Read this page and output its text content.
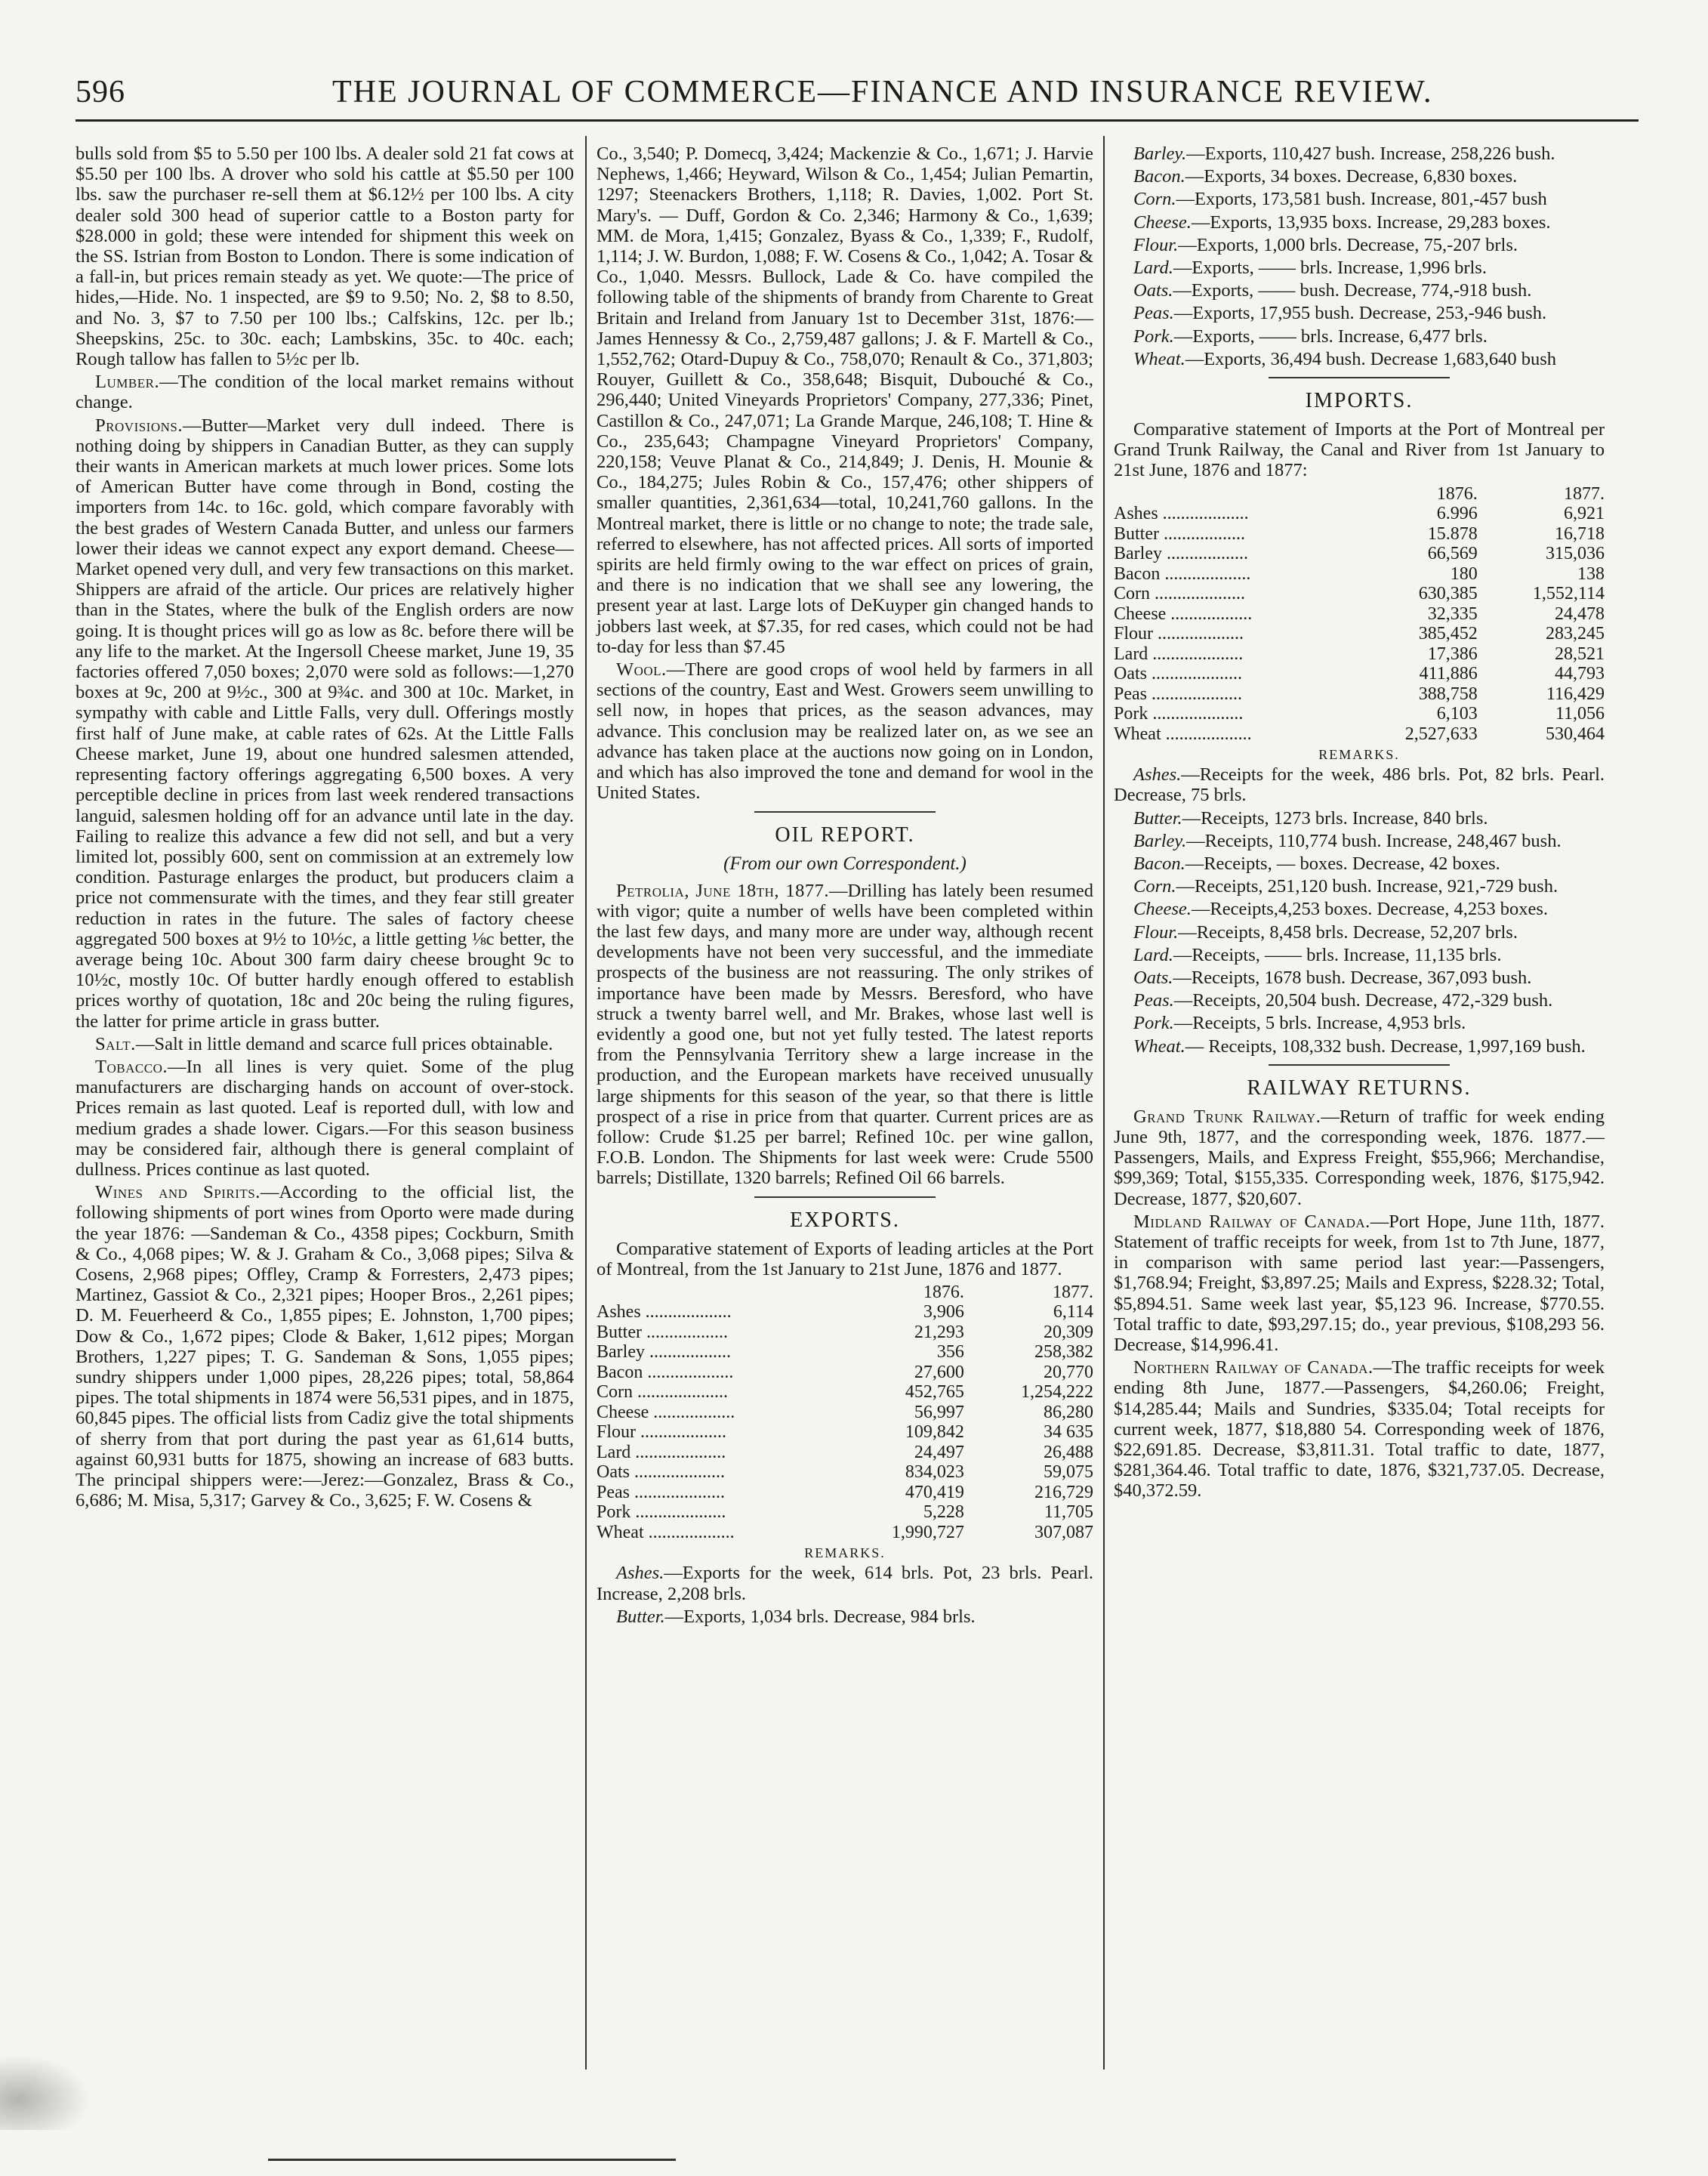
596	THE JOURNAL OF COMMERCE—FINANCE AND INSURANCE REVIEW.

bulls sold from $5 to 5.50 per 100 lbs. A dealer sold 21 fat cows at $5.50 per 100 lbs. A drover who sold his cattle at $5.50 per 100 lbs. saw the purchaser re-sell them at $6.12½ per 100 lbs. A city dealer sold 300 head of superior cattle to a Boston party for $28.000 in gold; these were intended for shipment this week on the SS. Istrian from Boston to London. There is some indication of a fall-in, but prices remain steady as yet. We quote:—The price of hides,—Hide. No. 1 inspected, are $9 to 9.50; No. 2, $8 to 8.50, and No. 3, $7 to 7.50 per 100 lbs.; Calfskins, 12c. per lb.; Sheepskins, 25c. to 30c. each; Lambskins, 35c. to 40c. each; Rough tallow has fallen to 5½c per lb.

Lumber.—The condition of the local market remains without change.

Provisions.—Butter—Market very dull indeed. There is nothing doing by shippers in Canadian Butter, as they can supply their wants in American markets at much lower prices. Some lots of American Butter have come through in Bond, costing the importers from 14c. to 16c. gold, which compare favorably with the best grades of Western Canada Butter, and unless our farmers lower their ideas we cannot expect any export demand. Cheese—Market opened very dull, and very few transactions on this market. Shippers are afraid of the article. Our prices are relatively higher than in the States, where the bulk of the English orders are now going. It is thought prices will go as low as 8c. before there will be any life to the market. At the Ingersoll Cheese market, June 19, 35 factories offered 7,050 boxes; 2,070 were sold as follows:—1,270 boxes at 9c, 200 at 9½c., 300 at 9¾c. and 300 at 10c. Market, in sympathy with cable and Little Falls, very dull. Offerings mostly first half of June make, at cable rates of 62s. At the Little Falls Cheese market, June 19, about one hundred salesmen attended, representing factory offerings aggregating 6,500 boxes. A very perceptible decline in prices from last week rendered transactions languid, salesmen holding off for an advance until late in the day. Failing to realize this advance a few did not sell, and but a very limited lot, possibly 600, sent on commission at an extremely low condition. Pasturage enlarges the product, but producers claim a price not commensurate with the times, and they fear still greater reduction in rates in the future. The sales of factory cheese aggregated 500 boxes at 9½ to 10½c, a little getting ⅛c better, the average being 10c. About 300 farm dairy cheese brought 9c to 10½c, mostly 10c. Of butter hardly enough offered to establish prices worthy of quotation, 18c and 20c being the ruling figures, the latter for prime article in grass butter.

Salt.—Salt in little demand and scarce full prices obtainable.

Tobacco.—In all lines is very quiet. Some of the plug manufacturers are discharging hands on account of over-stock. Prices remain as last quoted. Leaf is reported dull, with low and medium grades a shade lower. Cigars.—For this season business may be considered fair, although there is general complaint of dullness. Prices continue as last quoted.

Wines and Spirits.—According to the official list, the following shipments of port wines from Oporto were made during the year 1876: —Sandeman & Co., 4358 pipes; Cockburn, Smith & Co., 4,068 pipes; W. & J. Graham & Co., 3,068 pipes; Silva & Cosens, 2,968 pipes; Offley, Cramp & Forresters, 2,473 pipes; Martinez, Gassiot & Co., 2,321 pipes; Hooper Bros., 2,261 pipes; D. M. Feuerheerd & Co., 1,855 pipes; E. Johnston, 1,700 pipes; Dow & Co., 1,672 pipes; Clode & Baker, 1,612 pipes; Morgan Brothers, 1,227 pipes; T. G. Sandeman & Sons, 1,055 pipes; sundry shippers under 1,000 pipes, 28,226 pipes; total, 58,864 pipes. The total shipments in 1874 were 56,531 pipes, and in 1875, 60,845 pipes. The official lists from Cadiz give the total shipments of sherry from that port during the past year as 61,614 butts, against 60,931 butts for 1875, showing an increase of 683 butts. The principal shippers were:—Jerez:—Gonzalez, Brass & Co., 6,686; M. Misa, 5,317; Garvey & Co., 3,625; F. W. Cosens &

Co., 3,540; P. Domecq, 3,424; Mackenzie & Co., 1,671; J. Harvie Nephews, 1,466; Heyward, Wilson & Co., 1,454; Julian Pemartin, 1297; Steenackers Brothers, 1,118; R. Davies, 1,002. Port St. Mary's. — Duff, Gordon & Co. 2,346; Harmony & Co., 1,639; MM. de Mora, 1,415; Gonzalez, Byass & Co., 1,339; F., Rudolf, 1,114; J. W. Burdon, 1,088; F. W. Cosens & Co., 1,042; A. Tosar & Co., 1,040. Messrs. Bullock, Lade & Co. have compiled the following table of the shipments of brandy from Charente to Great Britain and Ireland from January 1st to December 31st, 1876:—James Hennessy & Co., 2,759,487 gallons; J. & F. Martell & Co., 1,552,762; Otard-Dupuy & Co., 758,070; Renault & Co., 371,803; Rouyer, Guillett & Co., 358,648; Bisquit, Dubouché & Co., 296,440; United Vineyards Proprietors' Company, 277,336; Pinet, Castillon & Co., 247,071; La Grande Marque, 246,108; T. Hine & Co., 235,643; Champagne Vineyard Proprietors' Company, 220,158; Veuve Planat & Co., 214,849; J. Denis, H. Mounie & Co., 184,275; Jules Robin & Co., 157,476; other shippers of smaller quantities, 2,361,634—total, 10,241,760 gallons. In the Montreal market, there is little or no change to note; the trade sale, referred to elsewhere, has not affected prices. All sorts of imported spirits are held firmly owing to the war effect on prices of grain, and there is no indication that we shall see any lowering, the present year at last. Large lots of DeKuyper gin changed hands to jobbers last week, at $7.35, for red cases, which could not be had to-day for less than $7.45

Wool.—There are good crops of wool held by farmers in all sections of the country, East and West. Growers seem unwilling to sell now, in hopes that prices, as the season advances, may advance. This conclusion may be realized later on, as we see an advance has taken place at the auctions now going on in London, and which has also improved the tone and demand for wool in the United States.

OIL REPORT.
(From our own Correspondent.)

Petrolia, June 18th, 1877.—Drilling has lately been resumed with vigor; quite a number of wells have been completed within the last few days, and many more are under way, although recent developments have not been very successful, and the immediate prospects of the business are not reassuring. The only strikes of importance have been made by Messrs. Beresford, who have struck a twenty barrel well, and Mr. Brakes, whose last well is evidently a good one, but not yet fully tested. The latest reports from the Pennsylvania Territory shew a large increase in the production, and the European markets have received unusually large shipments for this season of the year, so that there is little prospect of a rise in price from that quarter. Current prices are as follow: Crude $1.25 per barrel; Refined 10c. per wine gallon, F.O.B. London. The Shipments for last week were: Crude 5500 barrels; Distillate, 1320 barrels; Refined Oil 66 barrels.

EXPORTS.

Comparative statement of Exports of leading articles at the Port of Montreal, from the 1st January to 21st June, 1876 and 1877.

	1876.	1877.
Ashes ...................	3,906	6,114
Butter ..................	21,293	20,309
Barley ..................	356	258,382
Bacon ...................	27,600	20,770
Corn ....................	452,765	1,254,222
Cheese ..................	56,997	86,280
Flour ...................	109,842	34 635
Lard ....................	24,497	26,488
Oats ....................	834,023	59,075
Peas ....................	470,419	216,729
Pork ....................	5,228	11,705
Wheat ...................	1,990,727	307,087
REMARKS.

Ashes.—Exports for the week, 614 brls. Pot, 23 brls. Pearl. Increase, 2,208 brls.

Butter.—Exports, 1,034 brls. Decrease, 984 brls.

Barley.—Exports, 110,427 bush. Increase, 258,226 bush.

Bacon.—Exports, 34 boxes. Decrease, 6,830 boxes.

Corn.—Exports, 173,581 bush. Increase, 801,-457 bush

Cheese.—Exports, 13,935 boxs. Increase, 29,283 boxes.

Flour.—Exports, 1,000 brls. Decrease, 75,-207 brls.

Lard.—Exports, —— brls. Increase, 1,996 brls.

Oats.—Exports, —— bush. Decrease, 774,-918 bush.

Peas.—Exports, 17,955 bush. Decrease, 253,-946 bush.

Pork.—Exports, —— brls. Increase, 6,477 brls.

Wheat.—Exports, 36,494 bush. Decrease 1,683,640 bush

IMPORTS.

Comparative statement of Imports at the Port of Montreal per Grand Trunk Railway, the Canal and River from 1st January to 21st June, 1876 and 1877:

	1876.	1877.
Ashes ...................	6.996	6,921
Butter ..................	15.878	16,718
Barley ..................	66,569	315,036
Bacon ...................	180	138
Corn ....................	630,385	1,552,114
Cheese ..................	32,335	24,478
Flour ...................	385,452	283,245
Lard ....................	17,386	28,521
Oats ....................	411,886	44,793
Peas ....................	388,758	116,429
Pork ....................	6,103	11,056
Wheat ...................	2,527,633	530,464
REMARKS.

Ashes.—Receipts for the week, 486 brls. Pot, 82 brls. Pearl. Decrease, 75 brls.

Butter.—Receipts, 1273 brls. Increase, 840 brls.

Barley.—Receipts, 110,774 bush. Increase, 248,467 bush.

Bacon.—Receipts, — boxes. Decrease, 42 boxes.

Corn.—Receipts, 251,120 bush. Increase, 921,-729 bush.

Cheese.—Receipts,4,253 boxes. Decrease, 4,253 boxes.

Flour.—Receipts, 8,458 brls. Decrease, 52,207 brls.

Lard.—Receipts, —— brls. Increase, 11,135 brls.

Oats.—Receipts, 1678 bush. Decrease, 367,093 bush.

Peas.—Receipts, 20,504 bush. Decrease, 472,-329 bush.

Pork.—Receipts, 5 brls. Increase, 4,953 brls.

Wheat.— Receipts, 108,332 bush. Decrease, 1,997,169 bush.

RAILWAY RETURNS.

Grand Trunk Railway.—Return of traffic for week ending June 9th, 1877, and the corresponding week, 1876. 1877.—Passengers, Mails, and Express Freight, $55,966; Merchandise, $99,369; Total, $155,335. Corresponding week, 1876, $175,942. Decrease, 1877, $20,607.

Midland Railway of Canada.—Port Hope, June 11th, 1877. Statement of traffic receipts for week, from 1st to 7th June, 1877, in comparison with same period last year:—Passengers, $1,768.94; Freight, $3,897.25; Mails and Express, $228.32; Total, $5,894.51. Same week last year, $5,123 96. Increase, $770.55. Total traffic to date, $93,297.15; do., year previous, $108,293 56. Decrease, $14,996.41.

Northern Railway of Canada.—The traffic receipts for week ending 8th June, 1877.—Passengers, $4,260.06; Freight, $14,285.44; Mails and Sundries, $335.04; Total receipts for current week, 1877, $18,880 54. Corresponding week of 1876, $22,691.85. Decrease, $3,811.31. Total traffic to date, 1877, $281,364.46. Total traffic to date, 1876, $321,737.05. Decrease, $40,372.59.
